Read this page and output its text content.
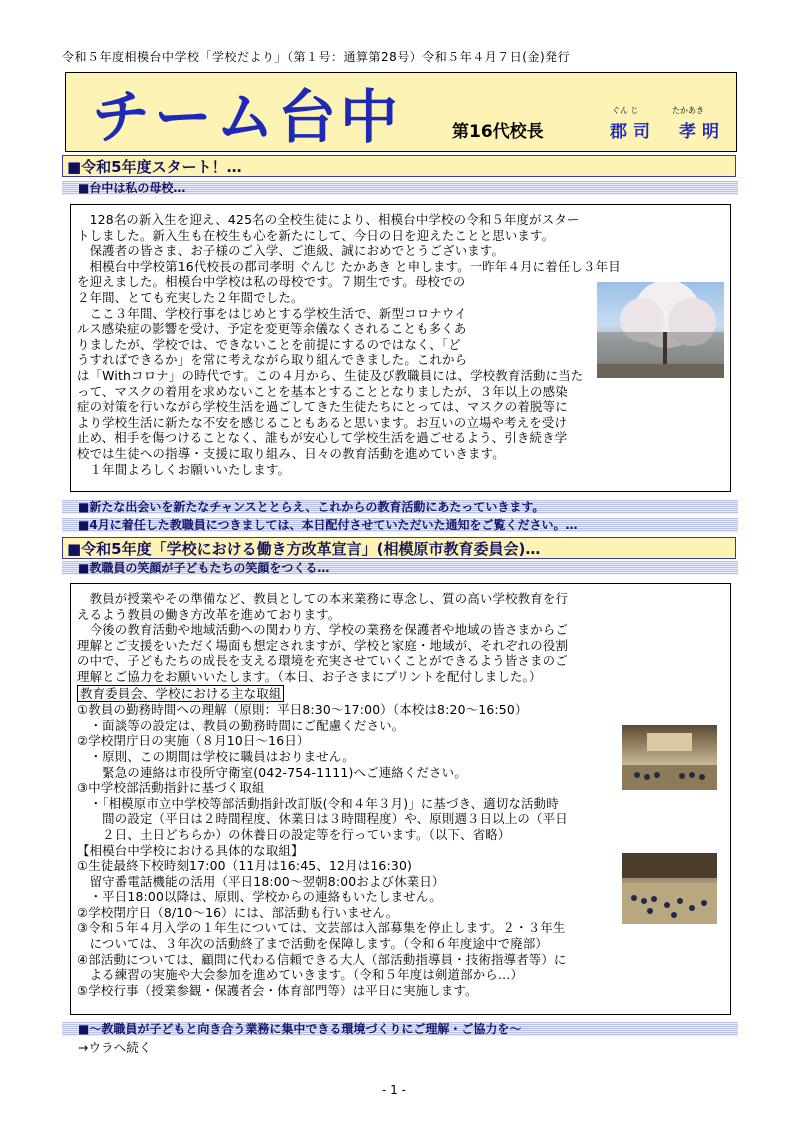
令和５年度相模台中学校「学校だより」（第１号：通算第28号）令和５年４月７日(金)発行
チーム台中	第16代校長
ぐん じ	たかあき
郡司　孝明
■令和5年度スタート！…
■台中は私の母校…

　128名の新入生を迎え、425名の全校生徒により、相模台中学校の令和５年度がスター

トしました。新入生も在校生も心を新たにして、今日の日を迎えたことと思います。

　保護者の皆さま、お子様のご入学、ご進級、誠におめでとうございます。

　相模台中学校第16代校長の郡司孝明 ぐんじ たかあき と申します。一昨年４月に着任し３年目

を迎えました。相模台中学校は私の母校です。７期生です。母校での

２年間、とても充実した２年間でした。

　ここ３年間、学校行事をはじめとする学校生活で、新型コロナウイ

ルス感染症の影響を受け、予定を変更等余儀なくされることも多くあ

りましたが、学校では、できないことを前提にするのではなく、「ど

うすればできるか」を常に考えながら取り組んできました。これから

は「Withコロナ」の時代です。この４月から、生徒及び教職員には、学校教育活動に当た

って、マスクの着用を求めないことを基本とすることとなりましたが、３年以上の感染

症の対策を行いながら学校生活を過ごしてきた生徒たちにとっては、マスクの着脱等に

より学校生活に新たな不安を感じることもあると思います。お互いの立場や考えを受け

止め、相手を傷つけることなく、誰もが安心して学校生活を過ごせるよう、引き続き学

校では生徒への指導・支援に取り組み、日々の教育活動を進めていきます。

　１年間よろしくお願いいたします。

■新たな出会いを新たなチャンスととらえ、これからの教育活動にあたっていきます。
■4月に着任した教職員につきましては、本日配付させていただいた通知をご覧ください。…
■令和5年度「学校における働き方改革宣言」(相模原市教育委員会)…
■教職員の笑顔が子どもたちの笑顔をつくる…

　教員が授業やその準備など、教員としての本来業務に専念し、質の高い学校教育を行

えるよう教員の働き方改革を進めております。

　今後の教育活動や地域活動への関わり方、学校の業務を保護者や地域の皆さまからご

理解とご支援をいただく場面も想定されますが、学校と家庭・地域が、それぞれの役割

の中で、子どもたちの成長を支える環境を充実させていくことができるよう皆さまのご

理解とご協力をお願いいたします。（本日、お子さまにプリントを配付しました。）

教育委員会、学校における主な取組

①教員の勤務時間への理解（原則：平日8:30～17:00）（本校は8:20～16:50）

　・面談等の設定は、教員の勤務時間にご配慮ください。

②学校閉庁日の実施（８月10日～16日）

　・原則、この期間は学校に職員はおりません。

　　緊急の連絡は市役所守衛室(042-754-1111)へご連絡ください。

③中学校部活動指針に基づく取組

　・「相模原市立中学校等部活動指針改訂版(令和４年３月)」に基づき、適切な活動時

　　間の設定（平日は２時間程度、休業日は３時間程度）や、原則週３日以上の（平日

　　２日、土日どちらか）の休養日の設定等を行っています。（以下、省略）

【相模台中学校における具体的な取組】

①生徒最終下校時刻17:00（11月は16:45、12月は16:30)

　留守番電話機能の活用（平日18:00～翌朝8:00および休業日）

　・平日18:00以降は、原則、学校からの連絡もいたしません。

②学校閉庁日（8/10～16）には、部活動も行いません。

③令和５年４月入学の１年生については、文芸部は入部募集を停止します。２・３年生

　については、３年次の活動終了まで活動を保障します。（令和６年度途中で廃部）

④部活動については、顧問に代わる信頼できる大人（部活動指導員・技術指導者等）に

　よる練習の実施や大会参加を進めていきます。（令和５年度は剣道部から…）

⑤学校行事（授業参観・保護者会・体育部門等）は平日に実施します。

■～教職員が子どもと向き合う業務に集中できる環境づくりにご理解・ご協力を～
→ウラへ続く
- 1 -
